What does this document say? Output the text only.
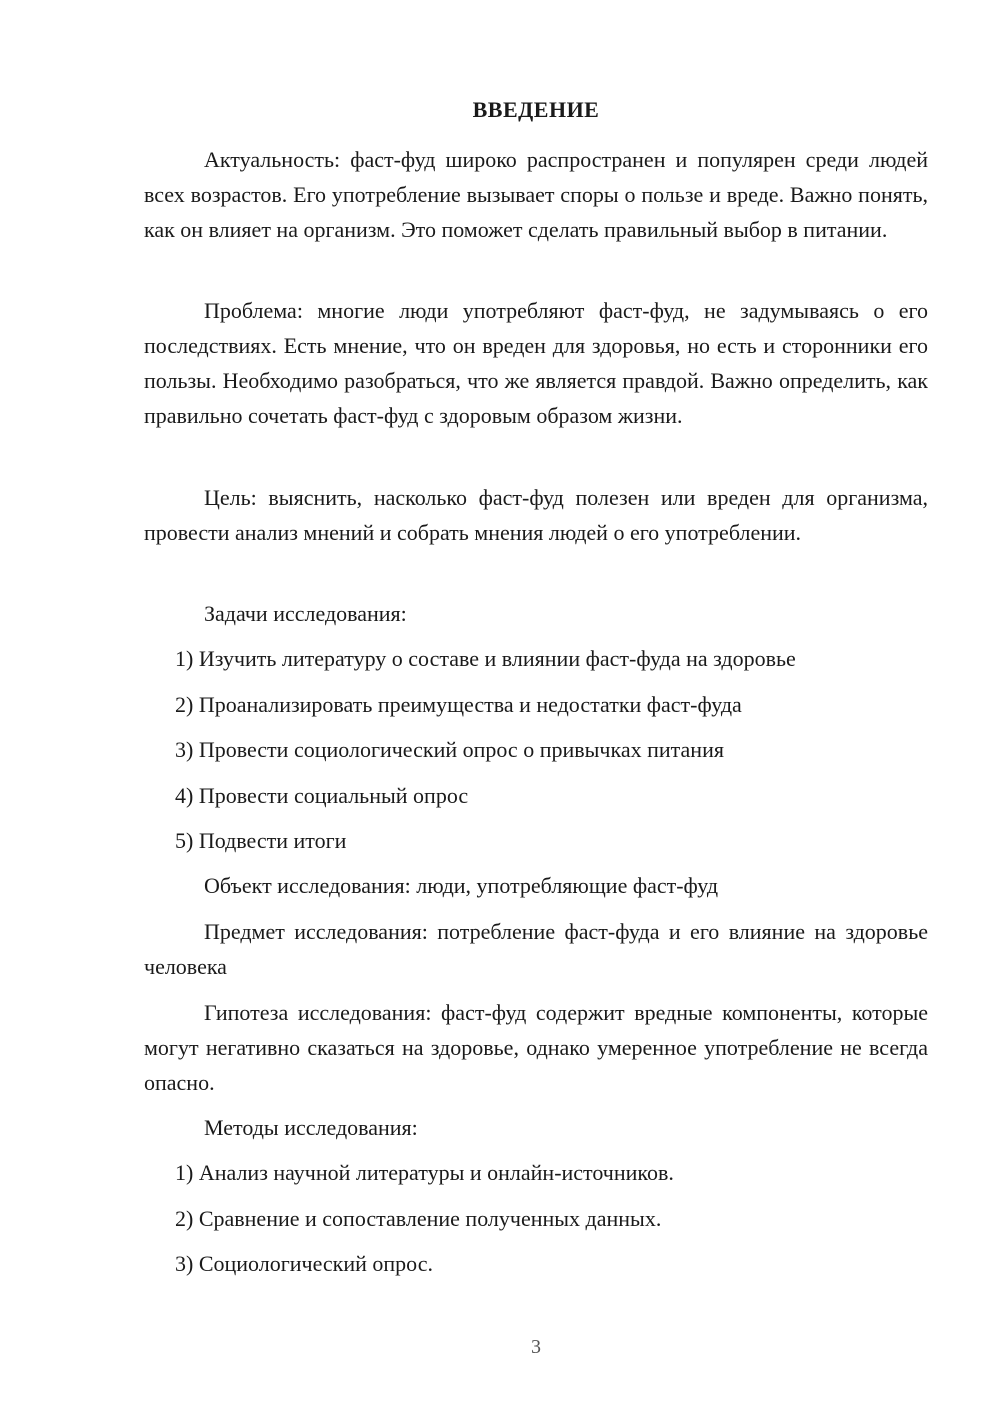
ВВЕДЕНИЕ

Актуальность: фаст-фуд широко распространен и популярен среди людей всех возрастов. Его употребление вызывает споры о пользе и вреде. Важно понять, как он влияет на организм. Это поможет сделать правильный выбор в питании.

Проблема: многие люди употребляют фаст-фуд, не задумываясь о его последствиях. Есть мнение, что он вреден для здоровья, но есть и сторонники его пользы. Необходимо разобраться, что же является правдой. Важно определить, как правильно сочетать фаст-фуд с здоровым образом жизни.

Цель: выяснить, насколько фаст-фуд полезен или вреден для организма, провести анализ мнений и собрать мнения людей о его употреблении.

Задачи исследования:

1) Изучить литературу о составе и влиянии фаст-фуда на здоровье

2) Проанализировать преимущества и недостатки фаст-фуда

3) Провести социологический опрос о привычках питания

4) Провести социальный опрос

5) Подвести итоги

Объект исследования: люди, употребляющие фаст-фуд

Предмет исследования: потребление фаст-фуда и его влияние на здоровье человека

Гипотеза исследования: фаст-фуд содержит вредные компоненты, которые могут негативно сказаться на здоровье, однако умеренное употребление не всегда опасно.

Методы исследования:

1) Анализ научной литературы и онлайн-источников.

2) Сравнение и сопоставление полученных данных.

3) Социологический опрос.

3
